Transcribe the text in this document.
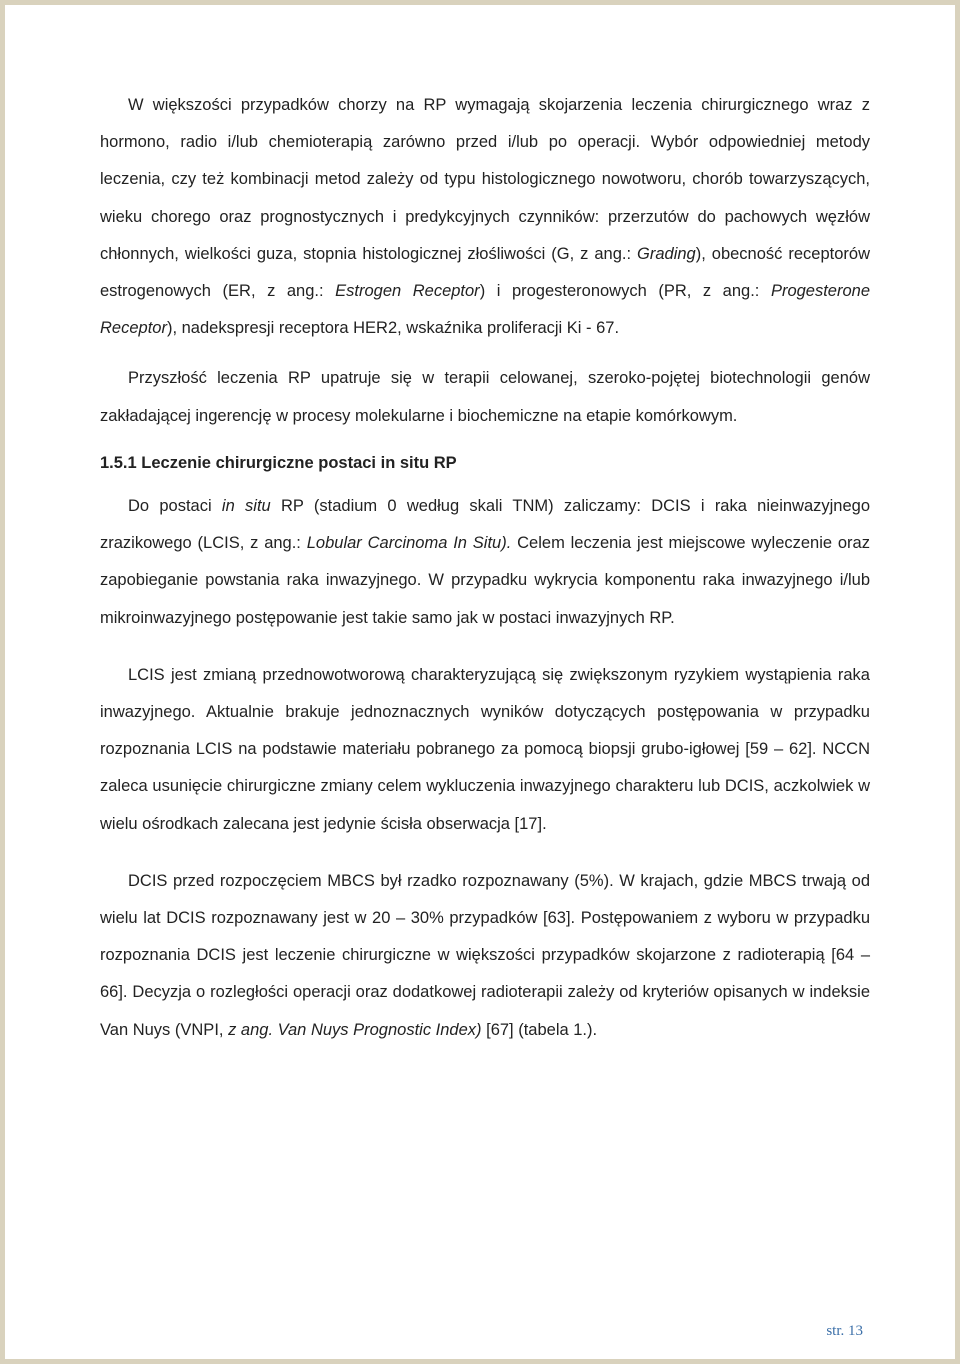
W większości przypadków chorzy na RP wymagają skojarzenia leczenia chirurgicznego wraz z hormono, radio i/lub chemioterapią zarówno przed i/lub po operacji. Wybór odpowiedniej metody leczenia, czy też kombinacji metod zależy od typu histologicznego nowotworu, chorób towarzyszących, wieku chorego oraz prognostycznych i predykcyjnych czynników: przerzutów do pachowych węzłów chłonnych, wielkości guza, stopnia histologicznej złośliwości (G, z ang.: Grading), obecność receptorów estrogenowych (ER, z ang.: Estrogen Receptor) i progesteronowych (PR, z ang.: Progesterone Receptor), nadekspresji receptora HER2, wskaźnika proliferacji Ki - 67.

Przyszłość leczenia RP upatruje się w terapii celowanej, szeroko-pojętej biotechnologii genów zakładającej ingerencję w procesy molekularne i biochemiczne na etapie komórkowym.

1.5.1 Leczenie chirurgiczne postaci in situ RP

Do postaci in situ RP (stadium 0 według skali TNM) zaliczamy: DCIS i raka nieinwazyjnego zrazikowego (LCIS, z ang.: Lobular Carcinoma In Situ). Celem leczenia jest miejscowe wyleczenie oraz zapobieganie powstania raka inwazyjnego. W przypadku wykrycia komponentu raka inwazyjnego i/lub mikroinwazyjnego postępowanie jest takie samo jak w postaci inwazyjnych RP.

LCIS jest zmianą przednowotworową charakteryzującą się zwiększonym ryzykiem wystąpienia raka inwazyjnego. Aktualnie brakuje jednoznacznych wyników dotyczących postępowania w przypadku rozpoznania LCIS na podstawie materiału pobranego za pomocą biopsji grubo-igłowej [59 – 62]. NCCN zaleca usunięcie chirurgiczne zmiany celem wykluczenia inwazyjnego charakteru lub DCIS, aczkolwiek w wielu ośrodkach zalecana jest jedynie ścisła obserwacja [17].

DCIS przed rozpoczęciem MBCS był rzadko rozpoznawany (5%). W krajach, gdzie MBCS trwają od wielu lat DCIS rozpoznawany jest w 20 – 30% przypadków [63]. Postępowaniem z wyboru w przypadku rozpoznania DCIS jest leczenie chirurgiczne w większości przypadków skojarzone z radioterapią [64 – 66]. Decyzja o rozległości operacji oraz dodatkowej radioterapii zależy od kryteriów opisanych w indeksie Van Nuys (VNPI, z ang. Van Nuys Prognostic Index) [67] (tabela 1.).

str. 13
